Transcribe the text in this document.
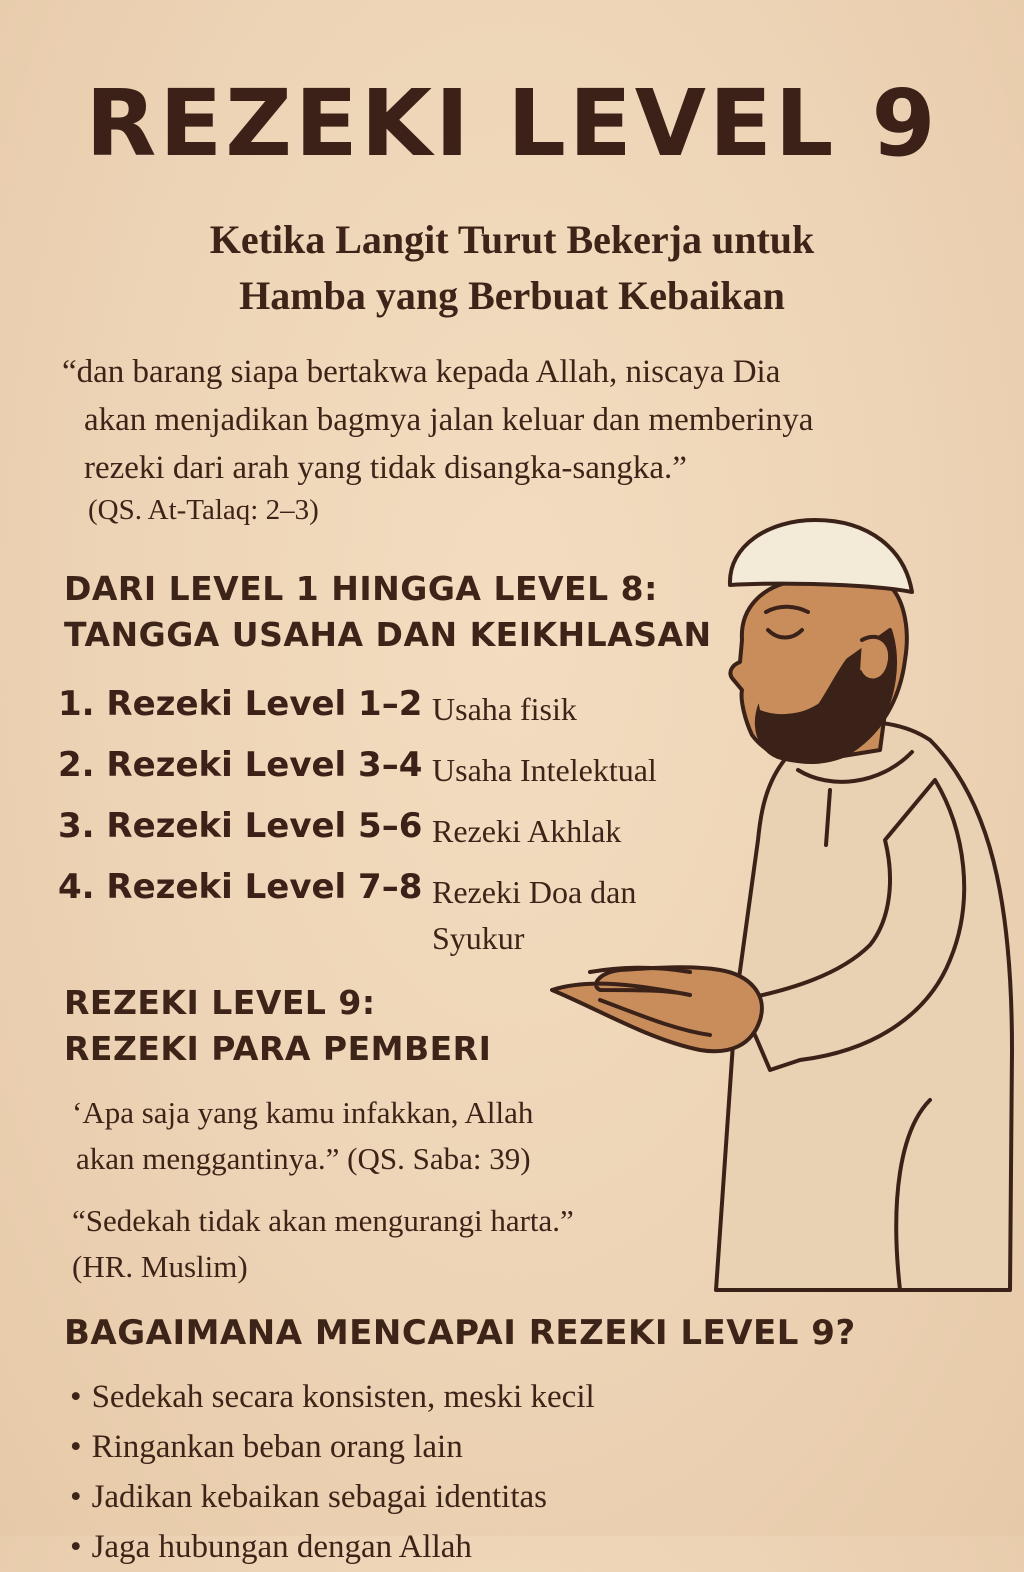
REZEKI LEVEL 9
Ketika Langit Turut Bekerja untuk
Hamba yang Berbuat Kebaikan
“dan barang siapa bertakwa kepada Allah, niscaya Dia
akan menjadikan bagmya jalan keluar dan memberinya
rezeki dari arah yang tidak disangka-sangka.”
(QS. At-Talaq: 2–3)
DARI LEVEL 1 HINGGA LEVEL 8:
TANGGA USAHA DAN KEIKHLASAN
1. Rezeki Level 1–2 Usaha fisik
2. Rezeki Level 3–4 Usaha Intelektual
3. Rezeki Level 5–6 Rezeki Akhlak
4. Rezeki Level 7–8 Rezeki Doa dan Syukur
REZEKI LEVEL 9:
REZEKI PARA PEMBERI
‘Apa saja yang kamu infakkan, Allah
akan menggantinya.” (QS. Saba: 39)
“Sedekah tidak akan mengurangi harta.”
(HR. Muslim)
BAGAIMANA MENCAPAI REZEKI LEVEL 9?
• Sedekah secara konsisten, meski kecil
• Ringankan beban orang lain
• Jadikan kebaikan sebagai identitas
• Jaga hubungan dengan Allah
